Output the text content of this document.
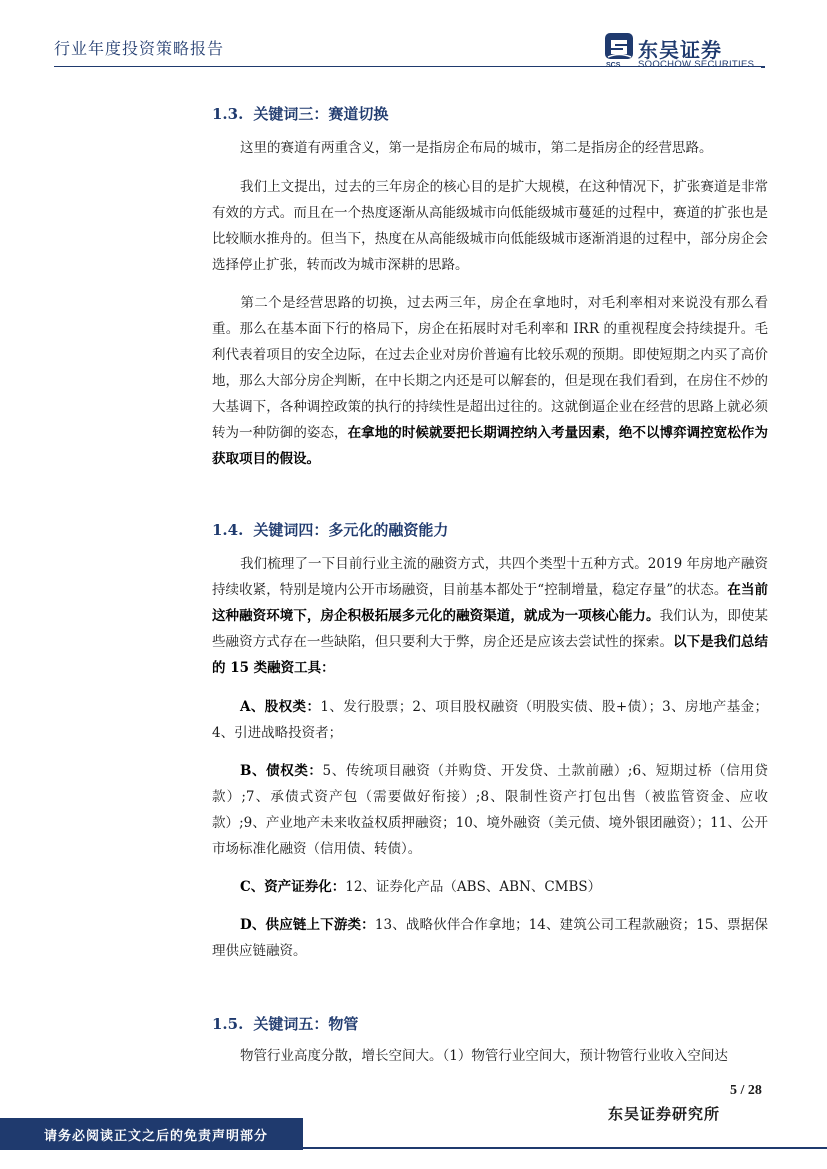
行业年度投资策略报告
SCS
东吴证券
SOOCHOW SECURITIES
1.3. 关键词三：赛道切换

这里的赛道有两重含义，第一是指房企布局的城市，第二是指房企的经营思路。

我们上文提出，过去的三年房企的核心目的是扩大规模，在这种情况下，扩张赛道是非常有效的方式。而且在一个热度逐渐从高能级城市向低能级城市蔓延的过程中，赛道的扩张也是比较顺水推舟的。但当下，热度在从高能级城市向低能级城市逐渐消退的过程中，部分房企会选择停止扩张，转而改为城市深耕的思路。

第二个是经营思路的切换，过去两三年，房企在拿地时，对毛利率相对来说没有那么看重。那么在基本面下行的格局下，房企在拓展时对毛利率和 IRR 的重视程度会持续提升。毛利代表着项目的安全边际，在过去企业对房价普遍有比较乐观的预期。即使短期之内买了高价地，那么大部分房企判断，在中长期之内还是可以解套的，但是现在我们看到，在房住不炒的大基调下，各种调控政策的执行的持续性是超出过往的。这就倒逼企业在经营的思路上就必须转为一种防御的姿态，在拿地的时候就要把长期调控纳入考量因素，绝不以博弈调控宽松作为获取项目的假设。

1.4. 关键词四：多元化的融资能力

我们梳理了一下目前行业主流的融资方式，共四个类型十五种方式。2019 年房地产融资持续收紧，特别是境内公开市场融资，目前基本都处于“控制增量，稳定存量”的状态。在当前这种融资环境下，房企积极拓展多元化的融资渠道，就成为一项核心能力。我们认为，即使某些融资方式存在一些缺陷，但只要利大于弊，房企还是应该去尝试性的探索。以下是我们总结的 15 类融资工具：

A、股权类：1、发行股票；2、项目股权融资（明股实债、股+债）；3、房地产基金；4、引进战略投资者；

B、债权类：5、传统项目融资（并购贷、开发贷、土款前融）;6、短期过桥（信用贷款）;7、承债式资产包（需要做好衔接）;8、限制性资产打包出售（被监管资金、应收款）;9、产业地产未来收益权质押融资；10、境外融资（美元债、境外银团融资）；11、公开市场标准化融资（信用债、转债）。

C、资产证券化：12、证券化产品（ABS、ABN、CMBS）

D、供应链上下游类：13、战略伙伴合作拿地；14、建筑公司工程款融资；15、票据保理供应链融资。

1.5. 关键词五：物管

物管行业高度分散，增长空间大。（1）物管行业空间大，预计物管行业收入空间达

5 / 28
东吴证券研究所
请务必阅读正文之后的免责声明部分
